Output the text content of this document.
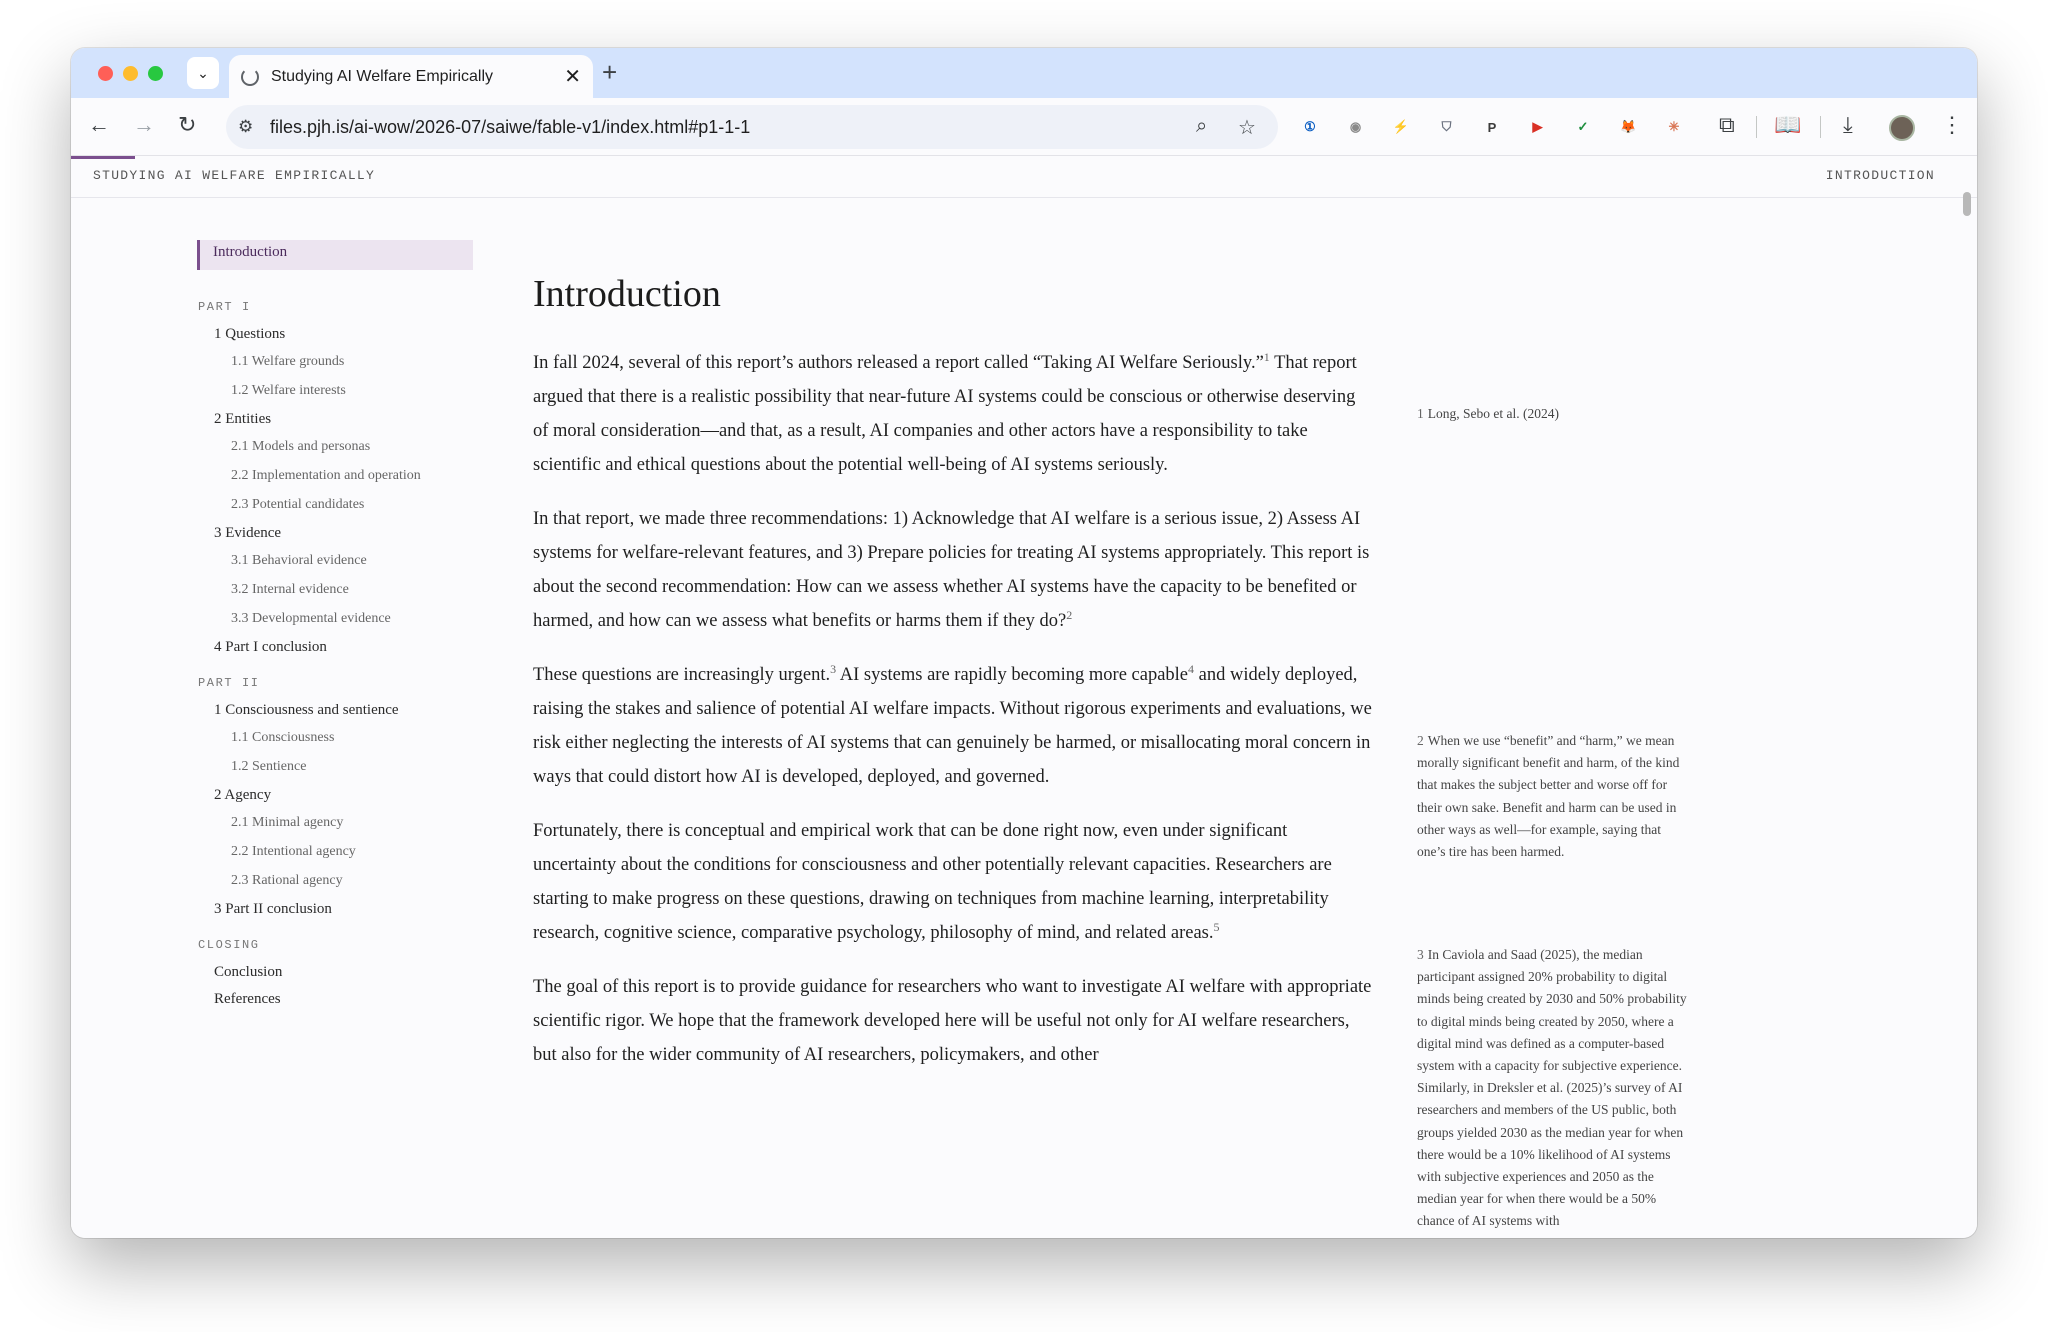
⌄	Studying AI Welfare Empirically	✕ +
← → ↻ ⚙ files.pjh.is/ai-wow/2026-07/saiwe/fable-v1/index.html#p1-1-1	⌕ ☆	①	◉	⚡	⛉	P	▶	✓	🦊	✳ ⧉ 📖 ⤓	⋮
STUDYING AI WELFARE EMPIRICALLY	INTRODUCTION
Introduction
PART I
1 Questions
1.1 Welfare grounds
1.2 Welfare interests
2 Entities
2.1 Models and personas
2.2 Implementation and operation
2.3 Potential candidates
3 Evidence
3.1 Behavioral evidence
3.2 Internal evidence
3.3 Developmental evidence
4 Part I conclusion
PART II
1 Consciousness and sentience
1.1 Consciousness
1.2 Sentience
2 Agency
2.1 Minimal agency
2.2 Intentional agency
2.3 Rational agency
3 Part II conclusion
CLOSING
Conclusion
References
Introduction

In fall 2024, several of this report’s authors released a report called “Taking AI Welfare Seriously.”$^1$ That report argued that there is a realistic possibility that near-future AI systems could be conscious or otherwise deserving of moral consideration—and that, as a result, AI companies and other actors have a responsibility to take scientific and ethical questions about the potential well-being of AI systems seriously.

In that report, we made three recommendations: 1) Acknowledge that AI welfare is a serious issue, 2) Assess AI systems for welfare-relevant features, and 3) Prepare policies for treating AI systems appropriately. This report is about the second recommendation: How can we assess whether AI systems have the capacity to be benefited or harmed, and how can we assess what benefits or harms them if they do?$^2$

These questions are increasingly urgent.$^3$ AI systems are rapidly becoming more capable$^4$ and widely deployed, raising the stakes and salience of potential AI welfare impacts. Without rigorous experiments and evaluations, we risk either neglecting the interests of AI systems that can genuinely be harmed, or misallocating moral concern in ways that could distort how AI is developed, deployed, and governed.

Fortunately, there is conceptual and empirical work that can be done right now, even under significant uncertainty about the conditions for consciousness and other potentially relevant capacities. Researchers are starting to make progress on these questions, drawing on techniques from machine learning, interpretability research, cognitive science, comparative psychology, philosophy of mind, and related areas.$^5$

The goal of this report is to provide guidance for researchers who want to investigate AI welfare with appropriate scientific rigor. We hope that the framework developed here will be useful not only for AI welfare researchers, but also for the wider community of AI researchers, policymakers, and other

1 Long, Sebo et al. (2024)
2 When we use “benefit” and “harm,” we mean morally significant benefit and harm, of the kind that makes the subject better and worse off for their own sake. Benefit and harm can be used in other ways as well—for example, saying that one’s tire has been harmed.
3 In Caviola and Saad (2025), the median participant assigned 20% probability to digital minds being created by 2030 and 50% probability to digital minds being created by 2050, where a digital mind was defined as a computer-based system with a capacity for subjective experience. Similarly, in Dreksler et al. (2025)’s survey of AI researchers and members of the US public, both groups yielded 2030 as the median year for when there would be a 10% likelihood of AI systems with subjective experiences and 2050 as the median year for when there would be a 50% chance of AI systems with
